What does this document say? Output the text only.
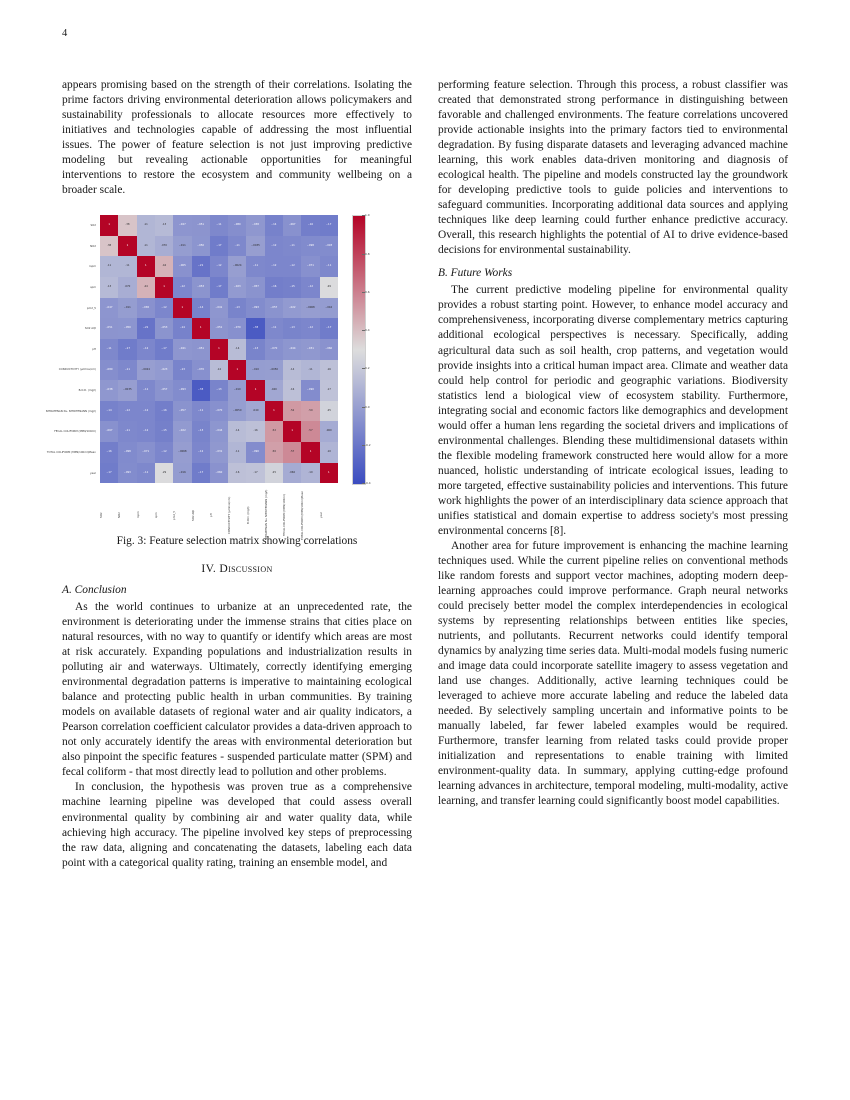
4

appears promising based on the strength of their correlations. Isolating the prime factors driving environmental deterioration allows policymakers and sustainability professionals to allocate resources more effectively to initiatives and technologies capable of addressing the most influential issues. The power of feature selection is not just improving predictive modeling but revealing actionable opportunities for meaningful interventions to restore the ecosystem and community wellbeing on a broader scale.

SO2
NO2
rspm
spm
pm2_5
SO2 AQI
pH
CONDUCTIVITY (µmhos/cm)
B.O.D. (mg/l)
NITRATENAN N+ NITRITENANN (mg/l)
FECAL COLIFORM (MPN/100ml)
TOTAL COLIFORM (MPN/100ml)Mean
year
1	.38	.11	.13	-.047	-.051	-.11	-.080	-.038	-.14	-.067	-.16	-.17
.38	1	.11	.070	-.011	-.050	-.17	-.11	-.0035	-.12	-.11	-.098	-.093
.11	.11	1	.44	-.065	-.21	-.12	-.0024	-.11	-.12	-.12	-.071	-.11
.13	.070	.44	1	-.12	-.053	-.17	-.023	-.057	-.16	-.15	-.12	.29
-.047	-.011	-.065	-.12	1	-.14	-.041	-.13	-.093	-.057	-.022	-.0068	-.016
-.051	-.050	-.21	-.053	-.14	1	-.051	-.070	-.33	-.11	-.13	-.12	-.17
-.11	-.17	-.12	-.17	-.041	-.051	1	.14	-.13	-.070	-.044	-.031	-.060
-.080	-.11	-.0024	-.023	-.13	-.070	.14	1	-.010	-.0050	.14	.11	.16
-.038	-.0035	-.11	-.057	-.093	-.33	-.13	-.010	1	.040	.16	-.090	.17
-.14	-.12	-.12	-.16	-.057	-.11	-.070	-.0050	.040	1	.52	.50	.25
-.067	-.11	-.12	-.15	-.022	-.13	-.044	.14	.16	.52	1	.57	.060
-.16	-.098	-.071	-.12	-.0068	-.12	-.031	.11	-.090	.50	.57	1	.10
-.17	-.093	-.11	.29	-.016	-.17	-.060	.16	.17	.25	.060	.10	1
SO2	NO2	rspm	spm	pm2_5	SO2 AQI	pH	CONDUCTIVITY (µmhos/cm)	B.O.D. (mg/l)	NITRATENAN N+ NITRITENANN (mg/l)	FECAL COLIFORM (MPN/100ml)	TOTAL COLIFORM (MPN/100ml)Mean	year
1.0
0.8
0.6
0.4
0.2
0.0
-0.2
-0.4
Fig. 3: Feature selection matrix showing correlations
IV. Discussion
A. Conclusion

As the world continues to urbanize at an unprecedented rate, the environment is deteriorating under the immense strains that cities place on natural resources, with no way to quantify or identify which areas are most at risk accurately. Expanding populations and industrialization results in polluting air and waterways. Ultimately, correctly identifying emerging environmental degradation patterns is imperative to maintaining ecological balance and protecting public health in urban communities. By training models on available datasets of regional water and air quality indicators, a Pearson correlation coefficient calculator provides a data-driven approach to not only accurately identify the areas with environmental deterioration but also pinpoint the specific features - suspended particulate matter (SPM) and fecal coliform - that most directly lead to pollution and other problems.

In conclusion, the hypothesis was proven true as a comprehensive machine learning pipeline was developed that could assess overall environmental quality by combining air and water quality data, while achieving high accuracy. The pipeline involved key steps of preprocessing the raw data, aligning and concatenating the datasets, labeling each data point with a categorical quality rating, training an ensemble model, and

performing feature selection. Through this process, a robust classifier was created that demonstrated strong performance in distinguishing between favorable and challenged environments. The feature correlations uncovered provide actionable insights into the primary factors tied to environmental degradation. By fusing disparate datasets and leveraging advanced machine learning, this work enables data-driven monitoring and diagnosis of ecological health. The pipeline and models constructed lay the groundwork for developing predictive tools to guide policies and interventions to safeguard communities. Incorporating additional data sources and applying techniques like deep learning could further enhance predictive accuracy. Overall, this research highlights the potential of AI to drive evidence-based decisions for environmental sustainability.

B. Future Works

The current predictive modeling pipeline for environmental quality provides a robust starting point. However, to enhance model accuracy and comprehensiveness, incorporating diverse complementary metrics capturing additional ecological perspectives is necessary. Specifically, adding agricultural data such as soil health, crop patterns, and vegetation would provide insights into a critical human impact area. Climate and weather data could help control for periodic and geographic variations. Biodiversity statistics lend a biological view of ecosystem stability. Furthermore, integrating social and economic factors like demographics and development would offer a human lens regarding the societal drivers and implications of environmental challenges. Blending these multidimensional datasets within the flexible modeling framework constructed here would allow for a more nuanced, holistic understanding of intricate ecological issues, leading to more targeted, effective sustainability policies and interventions. This future work highlights the power of an interdisciplinary data science approach that unifies statistical and domain expertise to address society's most pressing environmental concerns [8].

Another area for future improvement is enhancing the machine learning techniques used. While the current pipeline relies on conventional methods like random forests and support vector machines, adopting modern deep-learning approaches could improve performance. Graph neural networks could precisely better model the complex interdependencies in ecological systems by representing relationships between entities like species, nutrients, and pollutants. Recurrent networks could identify temporal dynamics by analyzing time series data. Multi-modal models fusing numeric and image data could incorporate satellite imagery to assess vegetation and land use changes. Additionally, active learning techniques could be leveraged to achieve more accurate labeling and reduce the labeled data needed. By selectively sampling uncertain and informative points to be manually labeled, far fewer labeled examples would be required. Furthermore, transfer learning from related tasks could provide proper initialization and representations to enable training with limited environment-quality data. In summary, applying cutting-edge profound learning advances in architecture, temporal modeling, multi-modality, active learning, and transfer learning could significantly boost model capabilities.
